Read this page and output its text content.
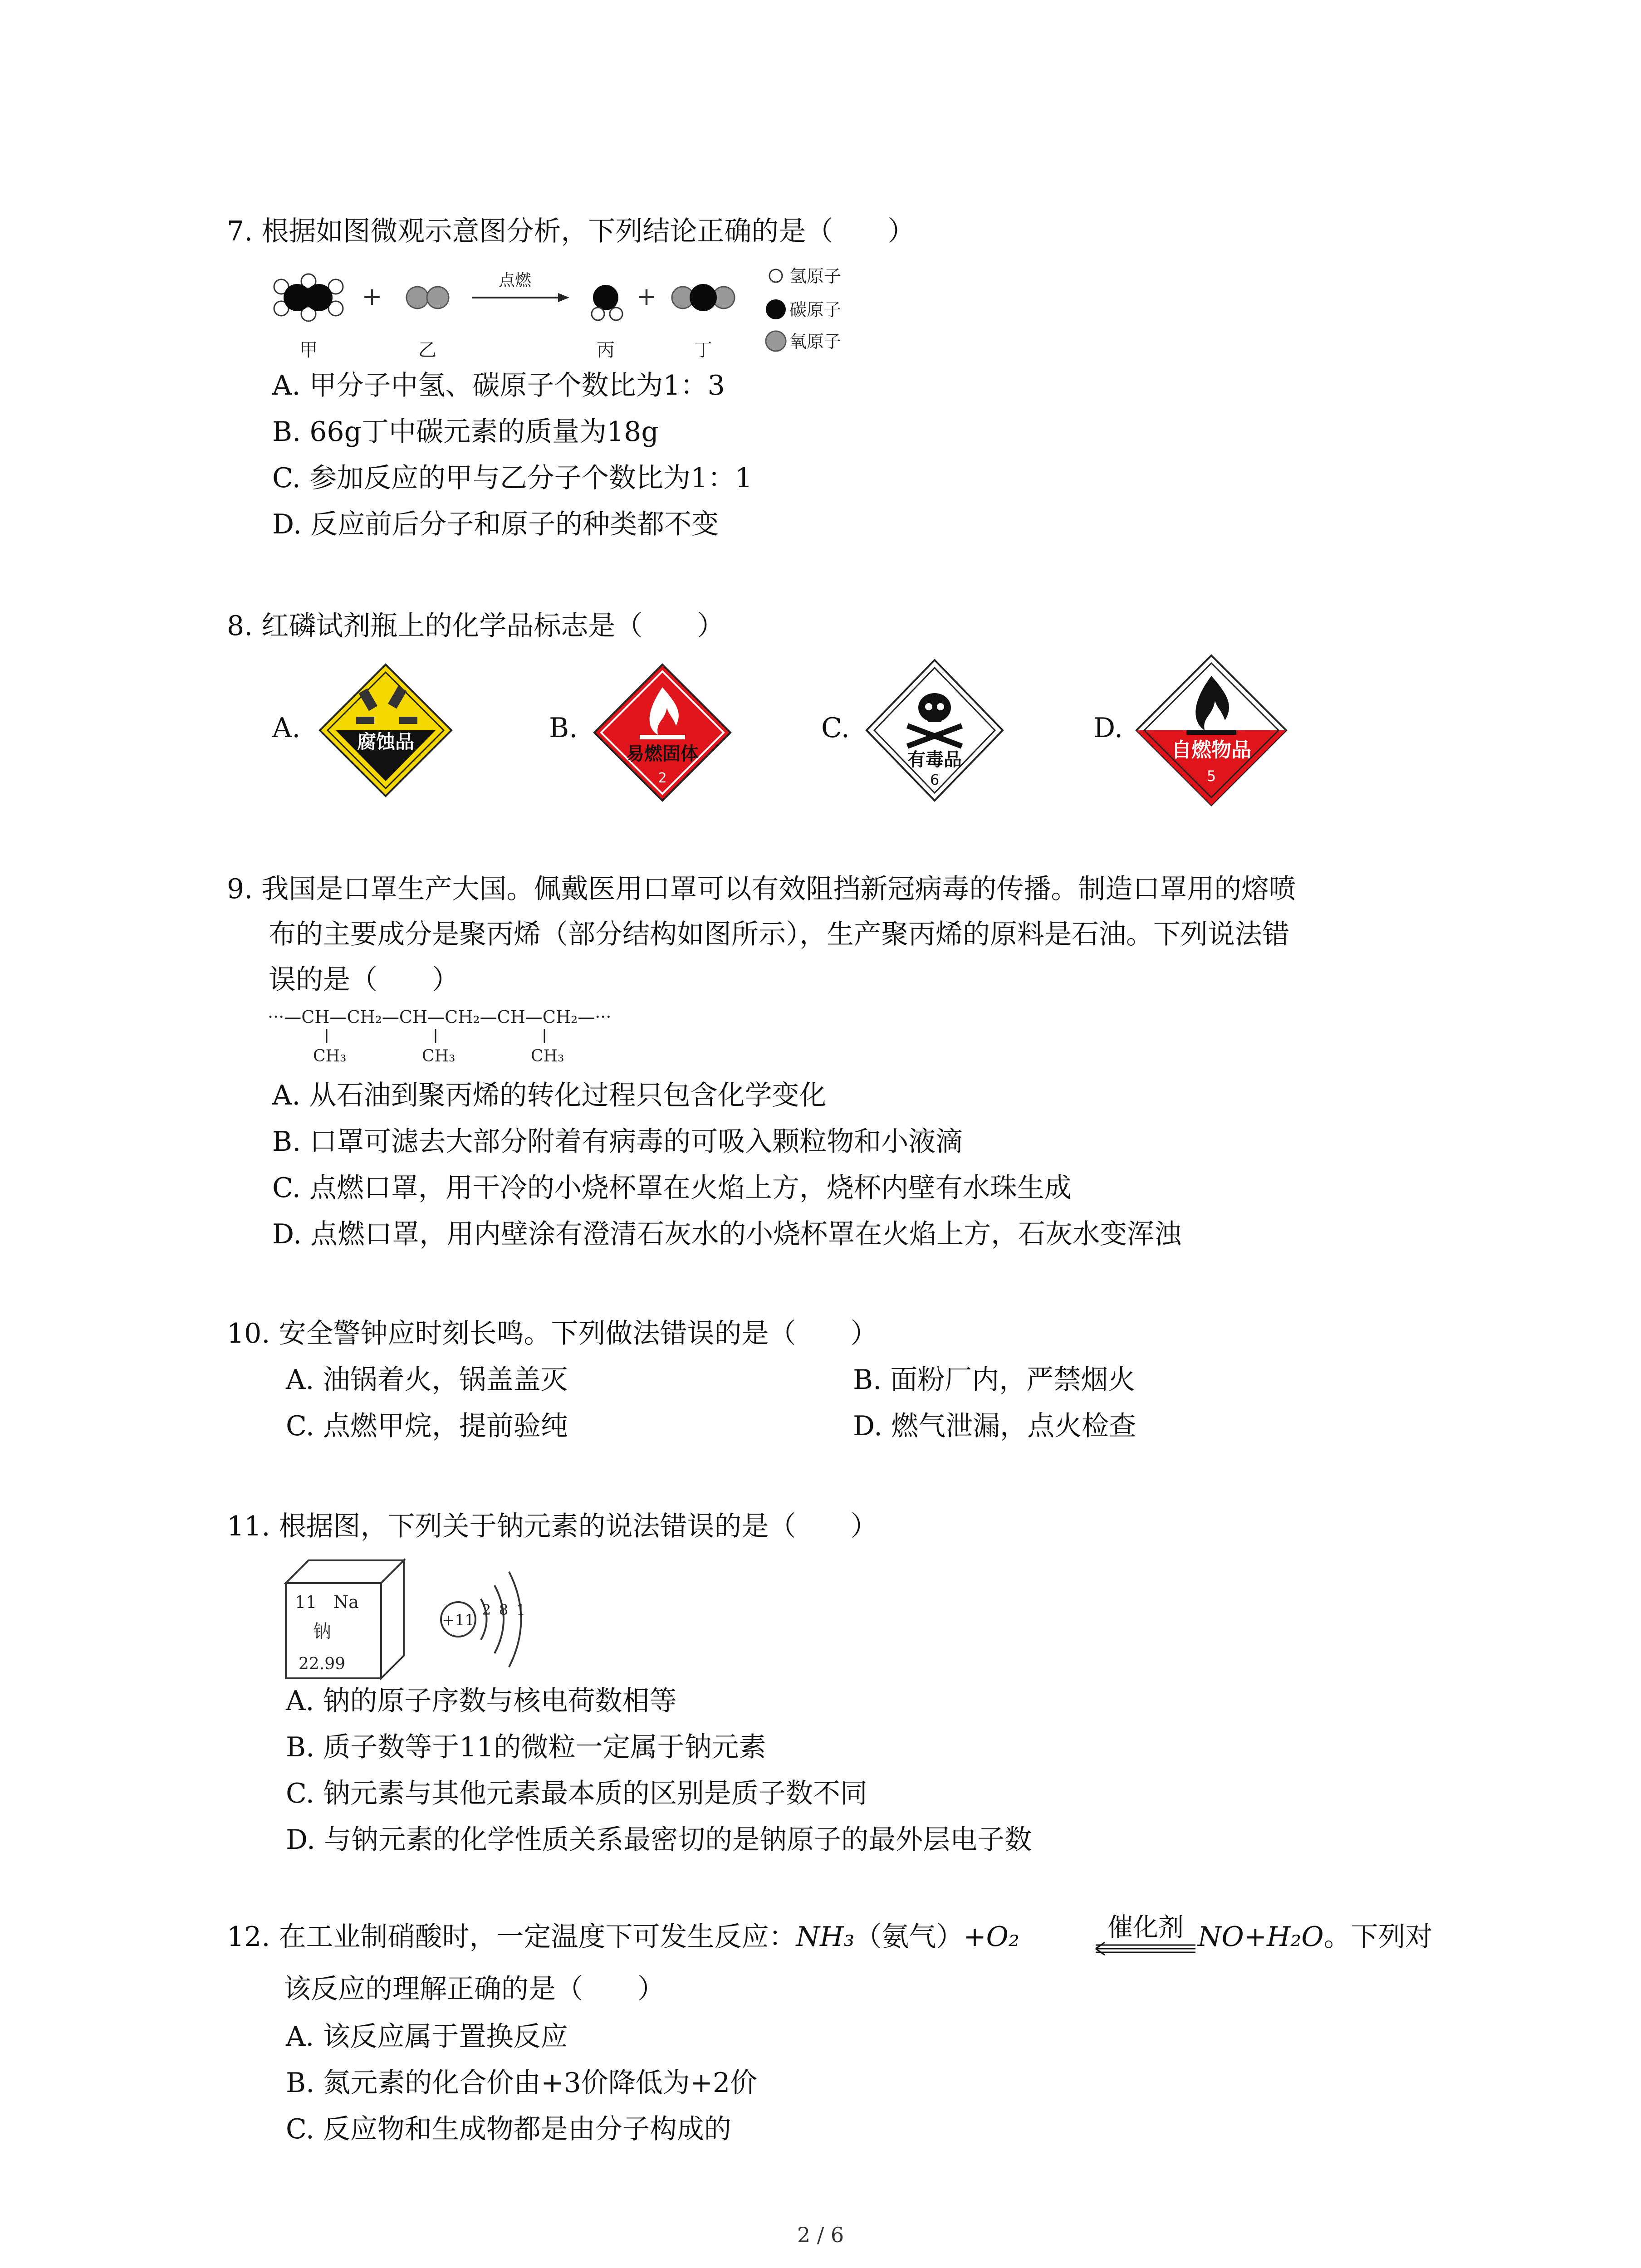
7. 根据如图微观示意图分析，下列结论正确的是（　　）
+
点燃
+
甲	乙	丙	丁
氢原子
碳原子
氧原子
A. 甲分子中氢、碳原子个数比为1：3
B. 66g丁中碳元素的质量为18g
C. 参加反应的甲与乙分子个数比为1：1
D. 反应前后分子和原子的种类都不变
8. 红磷试剂瓶上的化学品标志是（　　）
A.	B.	C.	D.
腐蚀品
易燃固体
2
有毒品
6
自燃物品
5
9. 我国是口罩生产大国。佩戴医用口罩可以有效阻挡新冠病毒的传播。制造口罩用的熔喷
布的主要成分是聚丙烯（部分结构如图所示），生产聚丙烯的原料是石油。下列说法错
误的是（　　）
···—CH—CH₂—CH—CH₂—CH—CH₂—···
CH₃	CH₃	CH₃
A. 从石油到聚丙烯的转化过程只包含化学变化
B. 口罩可滤去大部分附着有病毒的可吸入颗粒物和小液滴
C. 点燃口罩，用干冷的小烧杯罩在火焰上方，烧杯内壁有水珠生成
D. 点燃口罩，用内壁涂有澄清石灰水的小烧杯罩在火焰上方，石灰水变浑浊
10. 安全警钟应时刻长鸣。下列做法错误的是（　　）
A. 油锅着火，锅盖盖灭	B. 面粉厂内，严禁烟火
C. 点燃甲烷，提前验纯	D. 燃气泄漏，点火检查
11. 根据图，下列关于钠元素的说法错误的是（　　）
11 Na
钠
22.99
+11
2 8 1
A. 钠的原子序数与核电荷数相等
B. 质子数等于11的微粒一定属于钠元素
C. 钠元素与其他元素最本质的区别是质子数不同
D. 与钠元素的化学性质关系最密切的是钠原子的最外层电子数
12. 在工业制硝酸时，一定温度下可发生反应：NH₃（氨气）+O₂	催化剂 NO+H₂O。下列对
该反应的理解正确的是（　　）
A. 该反应属于置换反应
B. 氮元素的化合价由+3价降低为+2价
C. 反应物和生成物都是由分子构成的
2 / 6
